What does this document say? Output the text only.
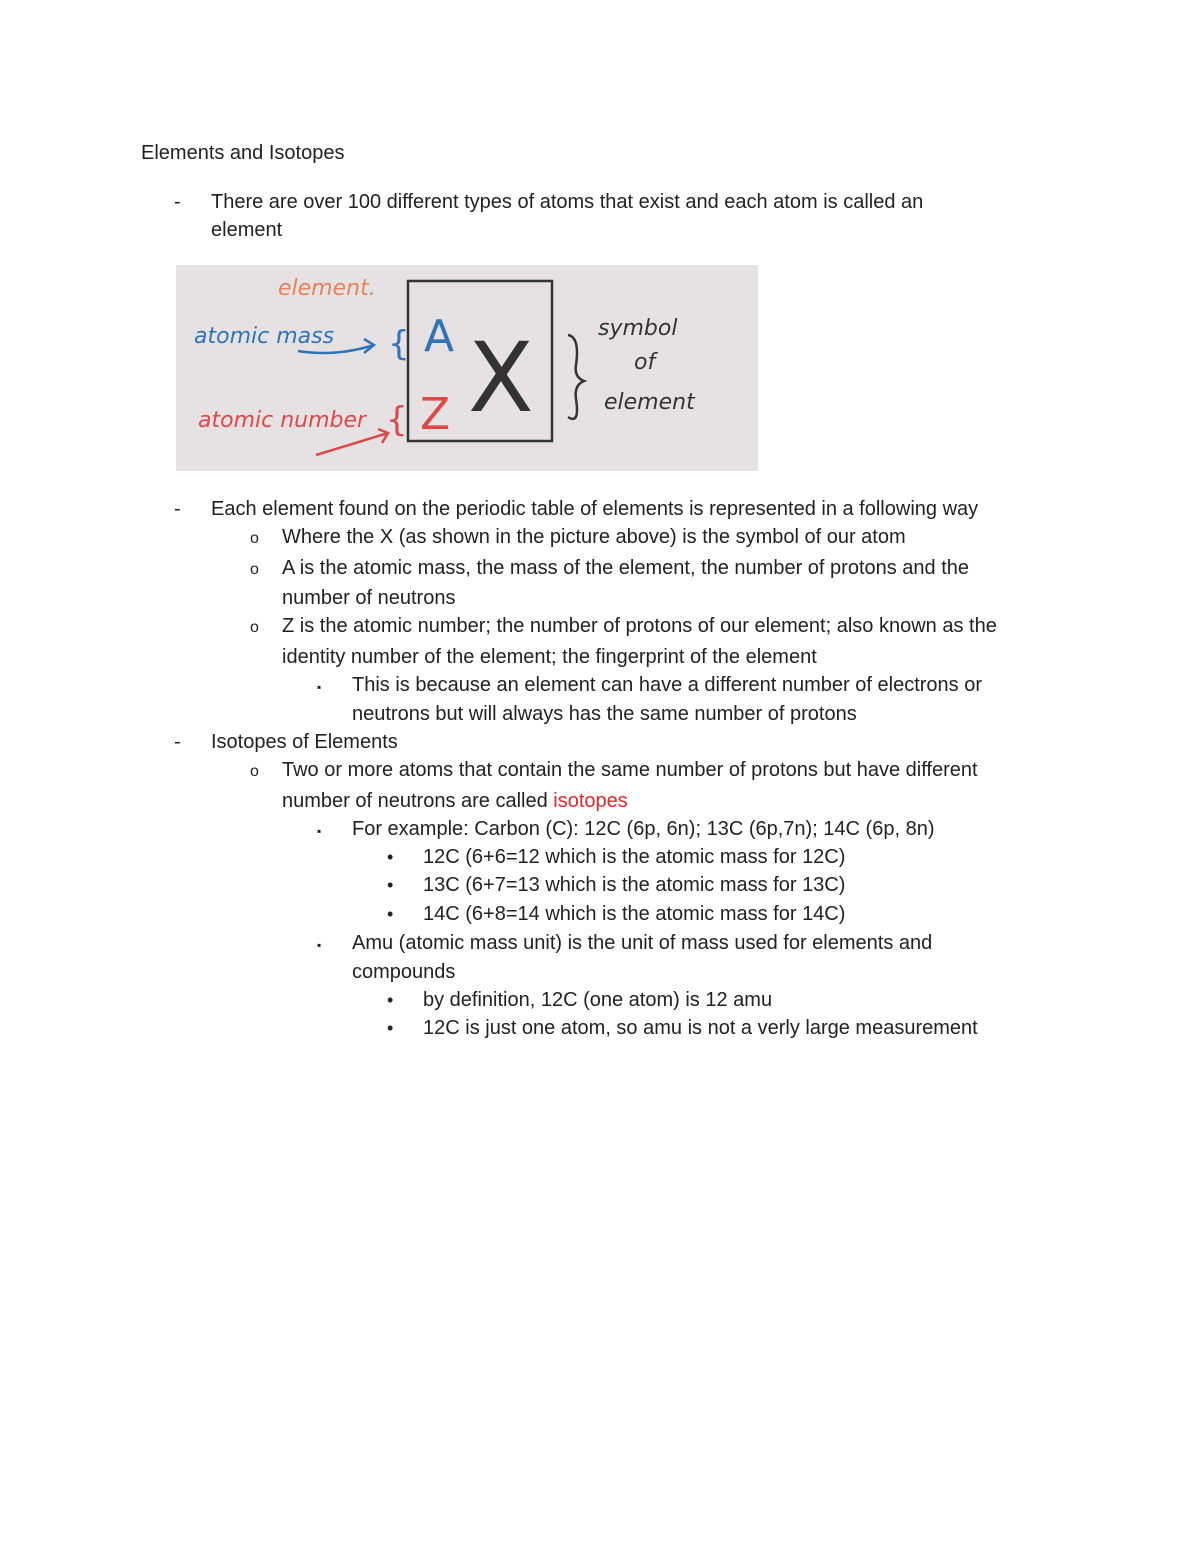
Elements and Isotopes
- There are over 100 different types of atoms that exist and each atom is called an
element
element.
atomic mass {
atomic number {
A
Z X	symbol
of
element
- Each element found on the periodic table of elements is represented in a following way
o Where the X (as shown in the picture above) is the symbol of our atom
o A is the atomic mass, the mass of the element, the number of protons and the
number of neutrons
o Z is the atomic number; the number of protons of our element; also known as the
identity number of the element; the fingerprint of the element
▪ This is because an element can have a different number of electrons or
neutrons but will always has the same number of protons
- Isotopes of Elements
o Two or more atoms that contain the same number of protons but have different
number of neutrons are called isotopes
▪ For example: Carbon (C): 12C (6p, 6n); 13C (6p,7n); 14C (6p, 8n)
• 12C (6+6=12 which is the atomic mass for 12C)
• 13C (6+7=13 which is the atomic mass for 13C)
• 14C (6+8=14 which is the atomic mass for 14C)
▪ Amu (atomic mass unit) is the unit of mass used for elements and
compounds
• by definition, 12C (one atom) is 12 amu
• 12C is just one atom, so amu is not a verly large measurement
